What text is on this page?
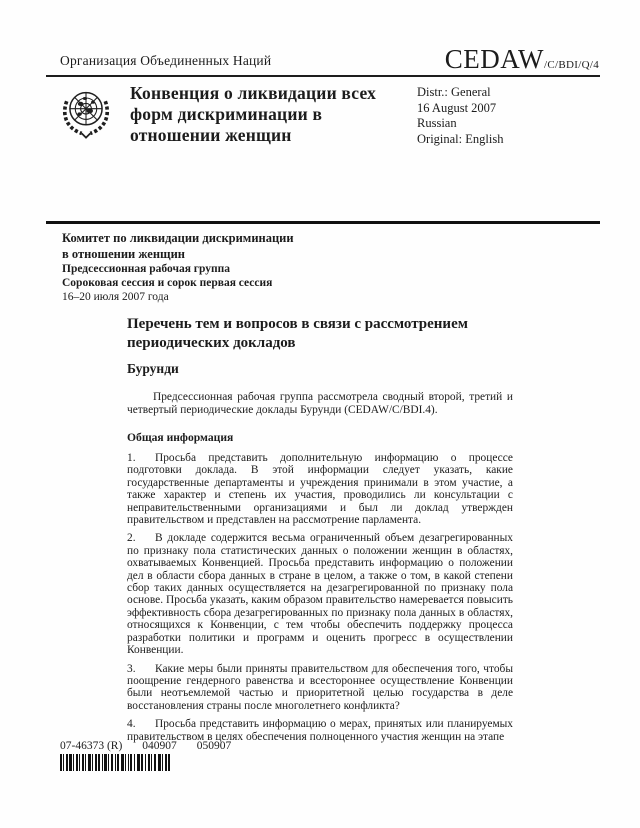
Организация Объединенных Наций	CEDAW/C/BDI/Q/4
Конвенция о ликвидации всех форм дискриминации в отношении женщин
Distr.: General
16 August 2007
Russian
Original: English
Комитет по ликвидации дискриминации
в отношении женщин
Предсессионная рабочая группа
Сороковая сессия и сорок первая сессия
16–20 июля 2007 года
Перечень тем и вопросов в связи с рассмотрением периодических докладов
Бурунди

Предсессионная рабочая группа рассмотрела сводный второй, третий и четвертый периодические доклады Бурунди (CEDAW/C/BDI.4).

Общая информация

1. Просьба представить дополнительную информацию о процессе подготовки доклада. В этой информации следует указать, какие государственные департаменты и учреждения принимали в этом участие, а также характер и степень их участия, проводились ли консультации с неправительственными организациями и был ли доклад утвержден правительством и представлен на рассмотрение парламента.

2. В докладе содержится весьма ограниченный объем дезагрегированных по признаку пола статистических данных о положении женщин в областях, охватываемых Конвенцией. Просьба представить информацию о положении дел в области сбора данных в стране в целом, а также о том, в какой степени сбор таких данных осуществляется на дезагрегированной по признаку пола основе. Просьба указать, каким образом правительство намеревается повысить эффективность сбора дезагрегированных по признаку пола данных в областях, относящихся к Конвенции, с тем чтобы обеспечить поддержку процесса разработки политики и программ и оценить прогресс в осуществлении Конвенции.

3. Какие меры были приняты правительством для обеспечения того, чтобы поощрение гендерного равенства и всестороннее осуществление Конвенции были неотъемлемой частью и приоритетной целью государства в деле восстановления страны после многолетнего конфликта?

4. Просьба представить информацию о мерах, принятых или планируемых правительством в целях обеспечения полноценного участия женщин на этапе

07-46373 (R) 040907 050907
